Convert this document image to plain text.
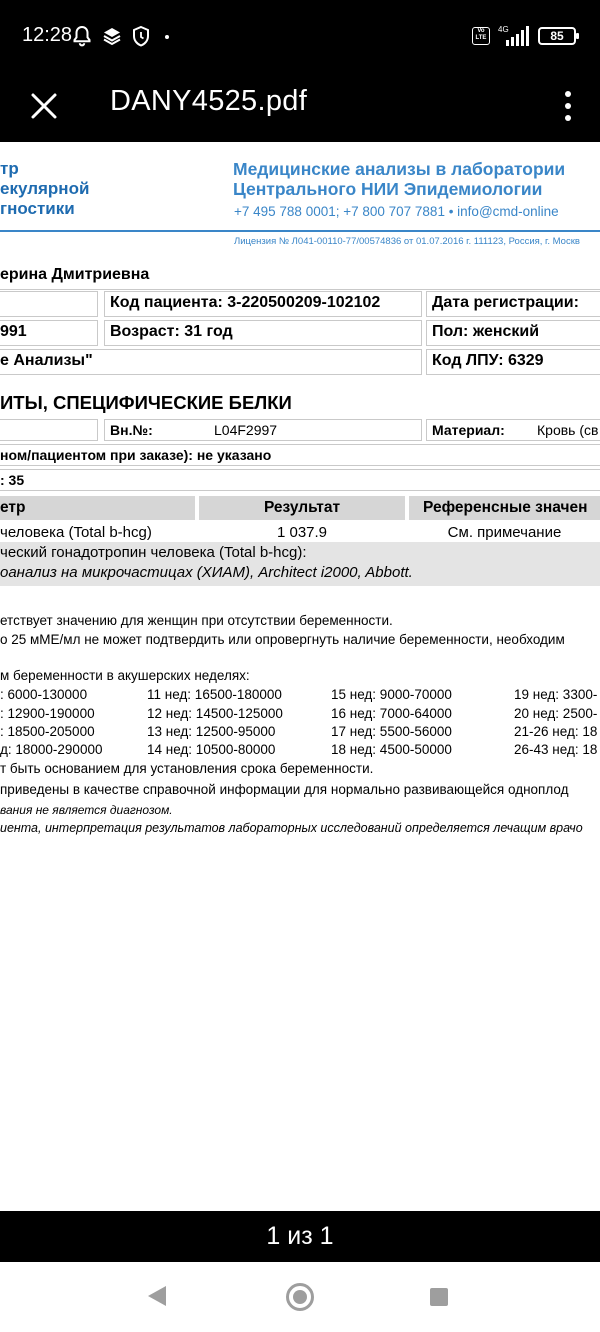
12:28	Vo LTE
4G	85
DANY4525.pdf
тр
екулярной
гностики
Медицинские анализы в лаборатории
Центрального НИИ Эпидемиологии
+7 495 788 0001; +7 800 707 7881 • info@cmd-online
Лицензия № Л041-00110-77/00574836 от 01.07.2016 г. 111123, Россия, г. Москв
ерина Дмитриевна
Код пациента: 3-220500209-102102	Дата регистрации:
991	Возраст: 31 год	Пол: женский
е Анализы"	Код ЛПУ: 6329
ИТЫ, СПЕЦИФИЧЕСКИЕ БЕЛКИ
Вн.№:	L04F2997	Материал: Кровь (св
ном/пациентом при заказе): не указано
: 35
етр	Результат	Референсные значен
человека (Total b-hcg)	1 037.9	См. примечание
ческий гонадотропин человека (Total b-hcg):
оанализ на микрочастицах (ХИАМ), Architect i2000, Abbott.
етствует значению для женщин при отсутствии беременности.
о 25 мМЕ/мл не может подтвердить или опровергнуть наличие беременности, необходим
м беременности в акушерских неделях:
: 6000-130000	11 нед: 16500-180000	15 нед: 9000-70000	19 нед: 3300-
: 12900-190000	12 нед: 14500-125000	16 нед: 7000-64000	20 нед: 2500-
: 18500-205000	13 нед: 12500-95000	17 нед: 5500-56000	21-26 нед: 18
д: 18000-290000	14 нед: 10500-80000	18 нед: 4500-50000	26-43 нед: 18
т быть основанием для установления срока беременности.
приведены в качестве справочной информации для нормально развивающейся одноплод
вания не является диагнозом.
иента, интерпретация результатов лабораторных исследований определяется лечащим врачо
1 из 1
